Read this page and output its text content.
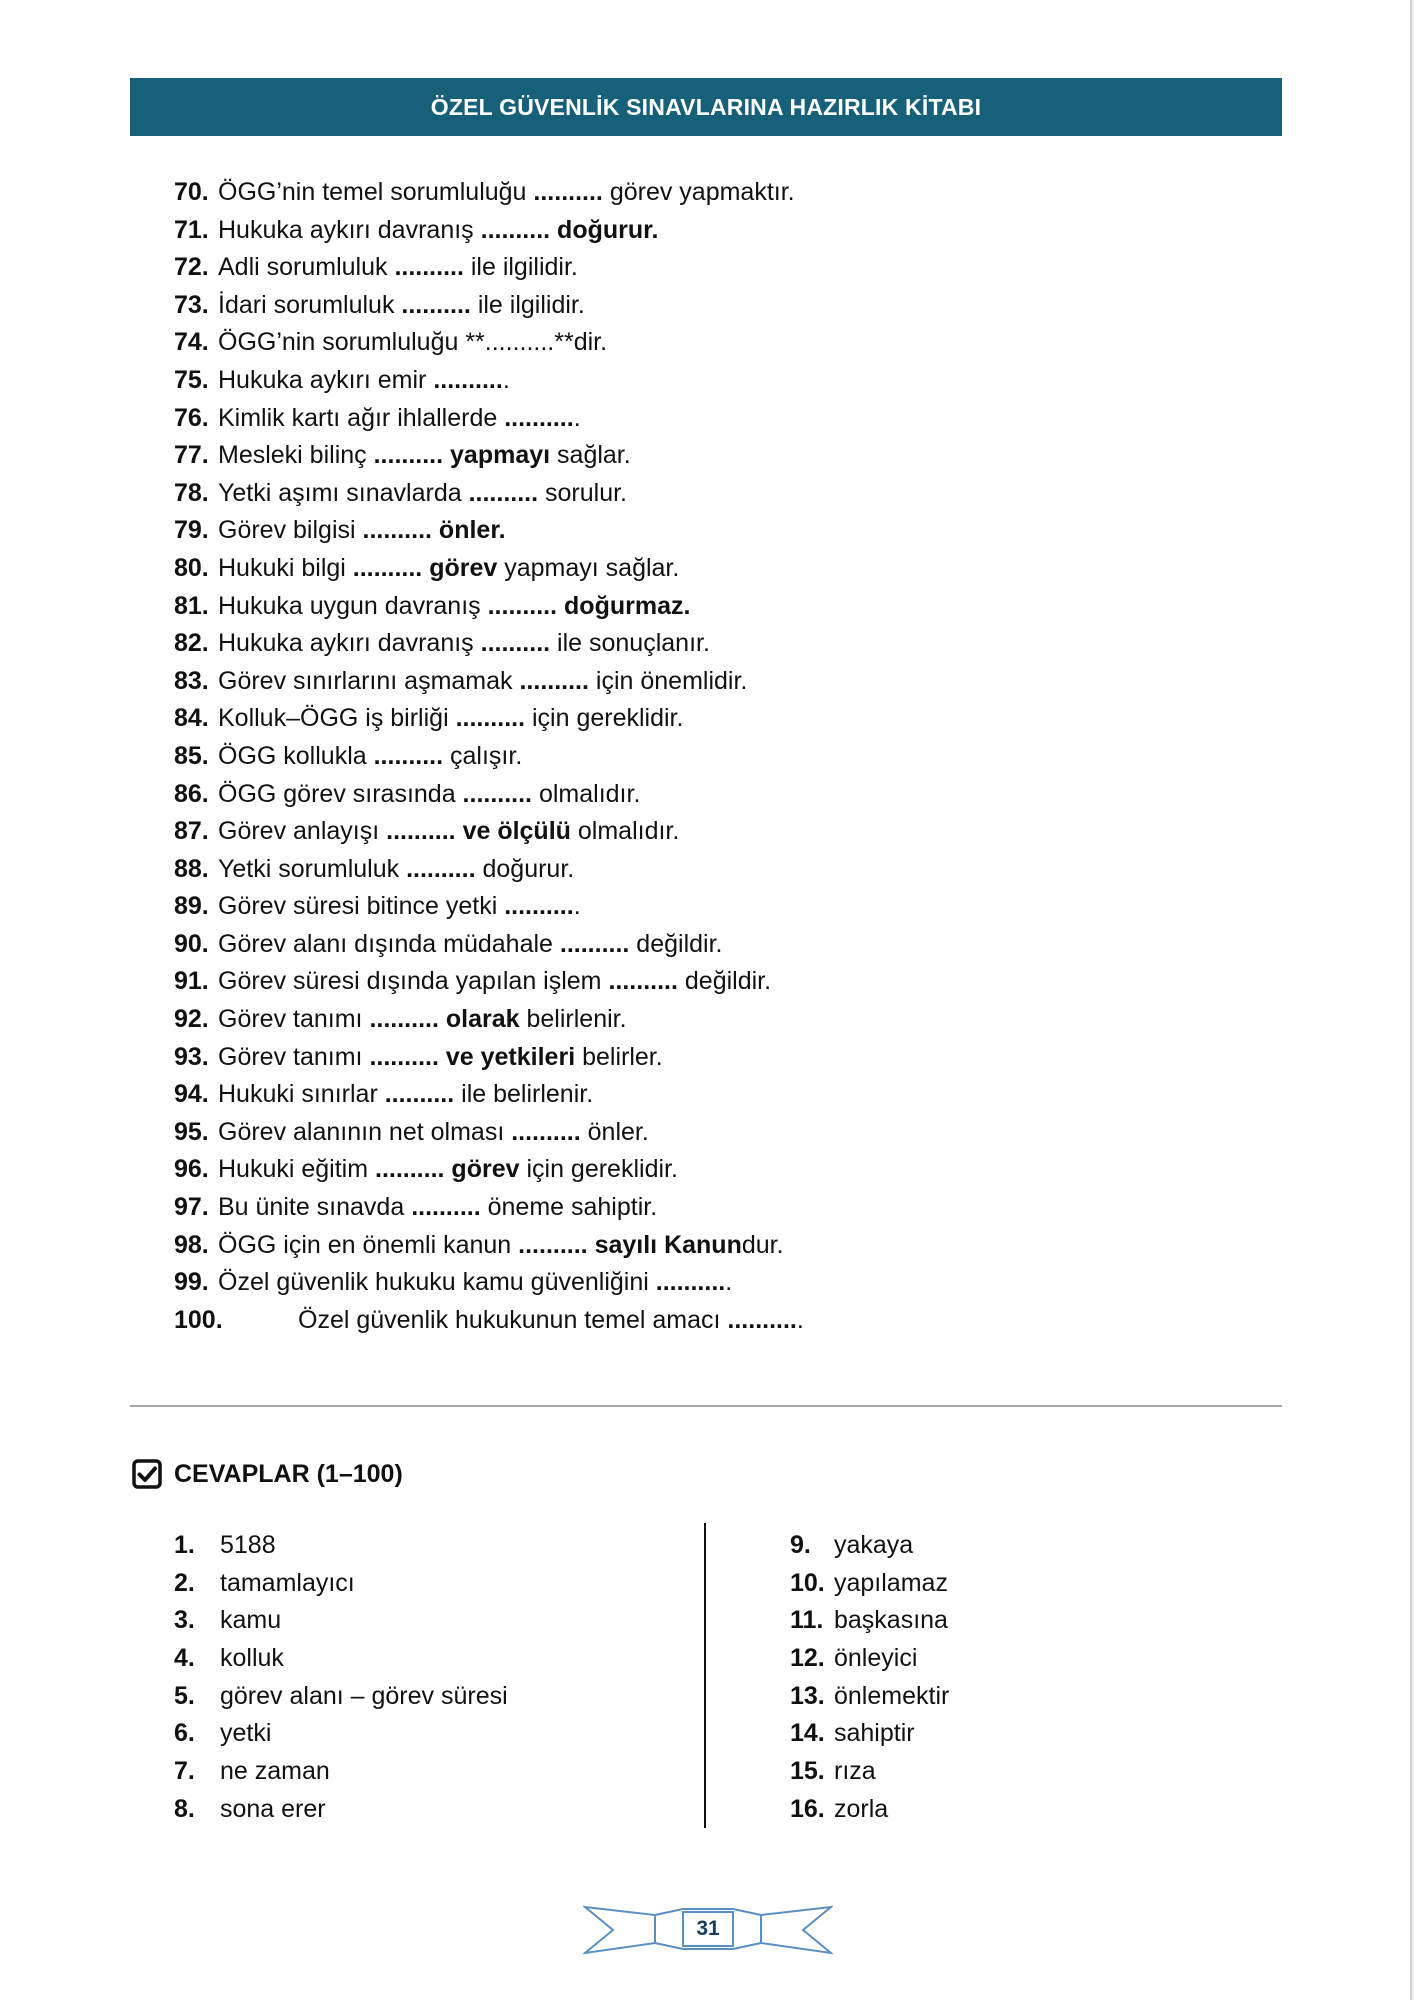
ÖZEL GÜVENLİK SINAVLARINA HAZIRLIK KİTABI
70. ÖGG’nin temel sorumluluğu .......... görev yapmaktır.
71. Hukuka aykırı davranış .......... doğurur.
72. Adli sorumluluk .......... ile ilgilidir.
73. İdari sorumluluk .......... ile ilgilidir.
74. ÖGG’nin sorumluluğu **..........**dir.
75. Hukuka aykırı emir ...........
76. Kimlik kartı ağır ihlallerde ...........
77. Mesleki bilinç .......... yapmayı sağlar.
78. Yetki aşımı sınavlarda .......... sorulur.
79. Görev bilgisi .......... önler.
80. Hukuki bilgi .......... görev yapmayı sağlar.
81. Hukuka uygun davranış .......... doğurmaz.
82. Hukuka aykırı davranış .......... ile sonuçlanır.
83. Görev sınırlarını aşmamak .......... için önemlidir.
84. Kolluk–ÖGG iş birliği .......... için gereklidir.
85. ÖGG kollukla .......... çalışır.
86. ÖGG görev sırasında .......... olmalıdır.
87. Görev anlayışı .......... ve ölçülü olmalıdır.
88. Yetki sorumluluk .......... doğurur.
89. Görev süresi bitince yetki ...........
90. Görev alanı dışında müdahale .......... değildir.
91. Görev süresi dışında yapılan işlem .......... değildir.
92. Görev tanımı .......... olarak belirlenir.
93. Görev tanımı .......... ve yetkileri belirler.
94. Hukuki sınırlar .......... ile belirlenir.
95. Görev alanının net olması .......... önler.
96. Hukuki eğitim .......... görev için gereklidir.
97. Bu ünite sınavda .......... öneme sahiptir.
98. ÖGG için en önemli kanun .......... sayılı Kanundur.
99. Özel güvenlik hukuku kamu güvenliğini ...........
100.	Özel güvenlik hukukunun temel amacı ...........
CEVAPLAR (1–100)
1. 5188
2. tamamlayıcı
3. kamu
4. kolluk
5. görev alanı – görev süresi
6. yetki
7. ne zaman
8. sona erer
9. yakaya
10. yapılamaz
11. başkasına
12. önleyici
13. önlemektir
14. sahiptir
15. rıza
16. zorla
31
